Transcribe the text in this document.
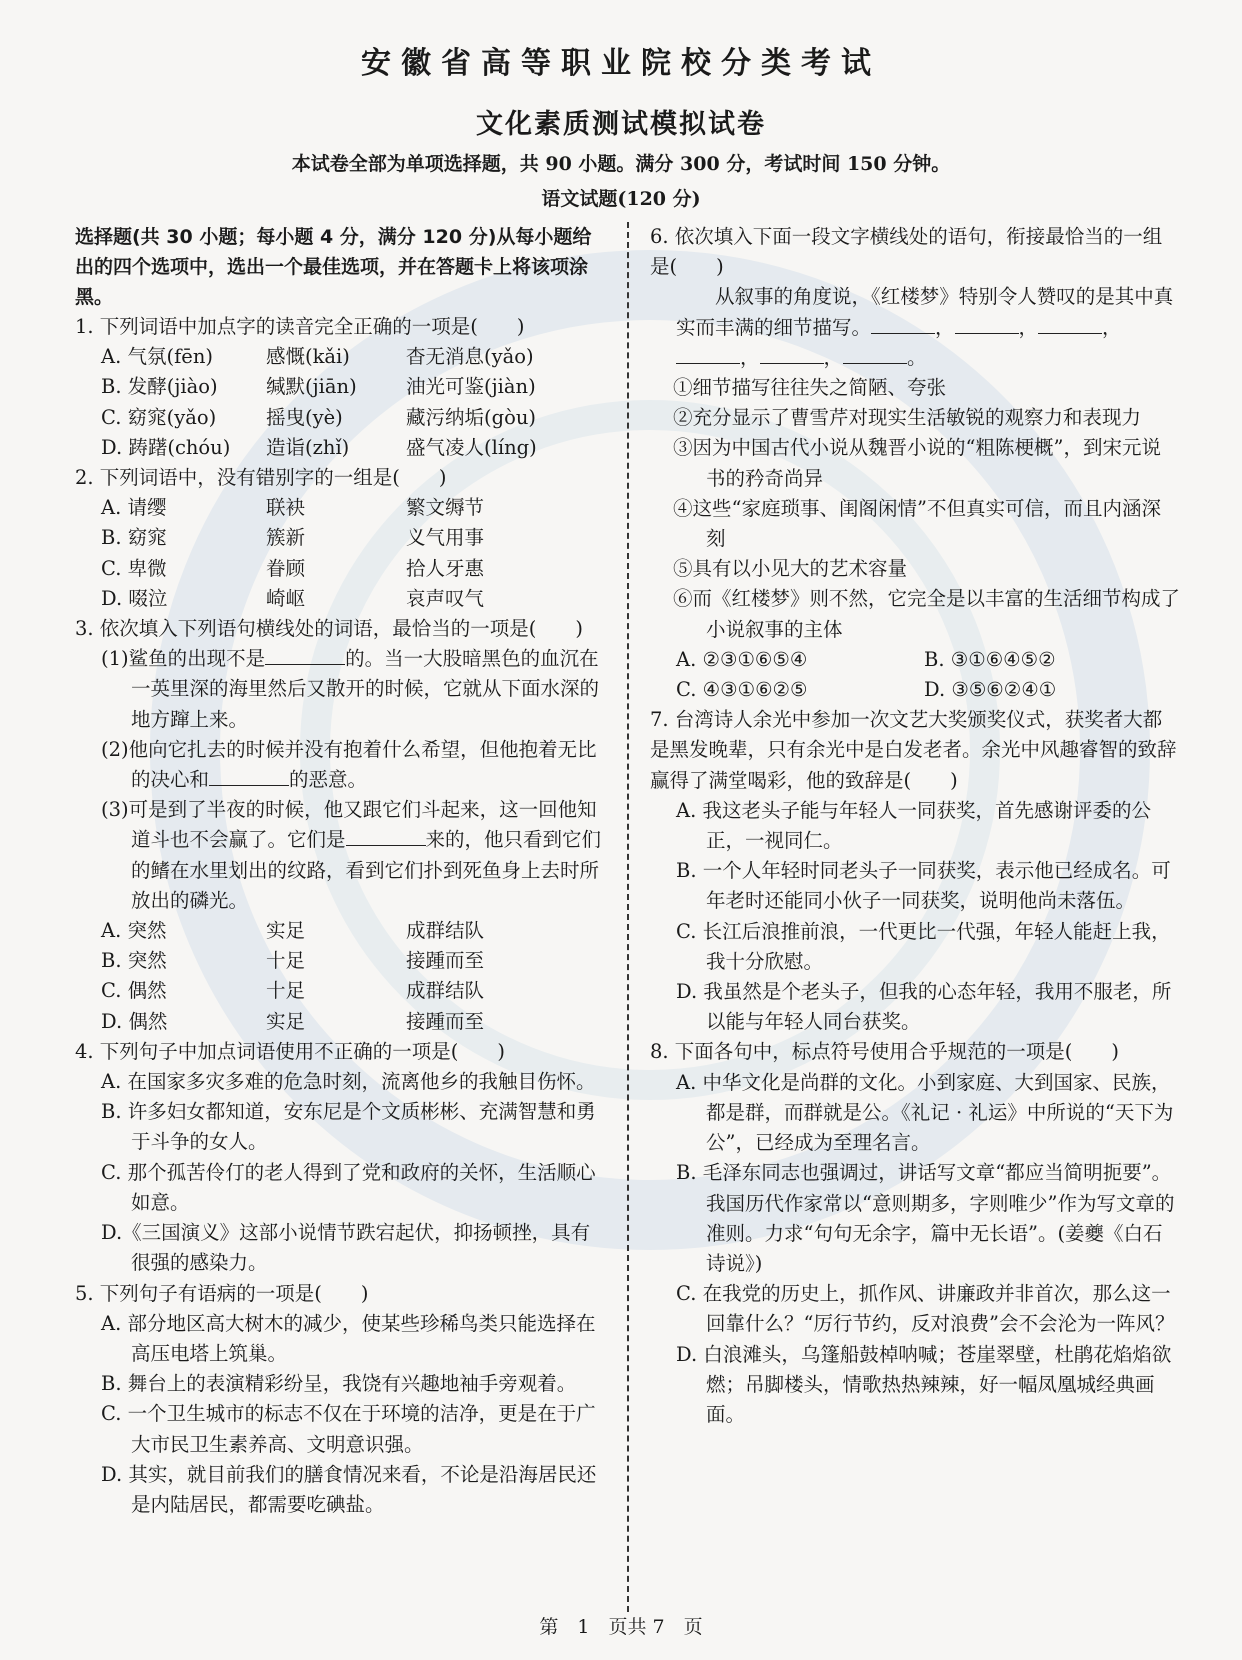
安徽省高等职业院校分类考试
文化素质测试模拟试卷
本试卷全部为单项选择题，共 90 小题。满分 300 分，考试时间 150 分钟。
语文试题(120 分)

选择题(共 30 小题；每小题 4 分，满分 120 分)从每小题给出的四个选项中，选出一个最佳选项，并在答题卡上将该项涂黑。

1. 下列词语中加点字的读音完全正确的一项是(　　)

A. 气氛(fēn)	感慨(kǎi)	杳无消息(yǎo)
B. 发酵(jiào)	缄默(jiān)	油光可鉴(jiàn)
C. 窈窕(yǎo)	摇曳(yè)	藏污纳垢(gòu)
D. 踌躇(chóu)	造诣(zhǐ)	盛气凌人(líng)

2. 下列词语中，没有错别字的一组是(　　)

A. 请缨	联袂	繁文缛节
B. 窈窕	簇新	义气用事
C. 卑微	眷顾	拾人牙惠
D. 啜泣	崎岖	哀声叹气

3. 依次填入下列语句横线处的词语，最恰当的一项是(　　)

(1)鲨鱼的出现不是	的。当一大股暗黑色的血沉在一英里深的海里然后又散开的时候，它就从下面水深的地方蹿上来。

(2)他向它扎去的时候并没有抱着什么希望，但他抱着无比的决心和	的恶意。

(3)可是到了半夜的时候，他又跟它们斗起来，这一回他知道斗也不会赢了。它们是	来的，他只看到它们的鳍在水里划出的纹路，看到它们扑到死鱼身上去时所放出的磷光。

A. 突然	实足	成群结队
B. 突然	十足	接踵而至
C. 偶然	十足	成群结队
D. 偶然	实足	接踵而至

4. 下列句子中加点词语使用不正确的一项是(　　)

A. 在国家多灾多难的危急时刻，流离他乡的我触目伤怀。

B. 许多妇女都知道，安东尼是个文质彬彬、充满智慧和勇于斗争的女人。

C. 那个孤苦伶仃的老人得到了党和政府的关怀，生活顺心如意。

D.《三国演义》这部小说情节跌宕起伏，抑扬顿挫，具有很强的感染力。

5. 下列句子有语病的一项是(　　)

A. 部分地区高大树木的减少，使某些珍稀鸟类只能选择在高压电塔上筑巢。

B. 舞台上的表演精彩纷呈，我饶有兴趣地袖手旁观着。

C. 一个卫生城市的标志不仅在于环境的洁净，更是在于广大市民卫生素养高、文明意识强。

D. 其实，就目前我们的膳食情况来看，不论是沿海居民还是内陆居民，都需要吃碘盐。

6. 依次填入下面一段文字横线处的语句，衔接最恰当的一组是(　　)

从叙事的角度说，《红楼梦》特别令人赞叹的是其中真实而丰满的细节描写。	，	，	，，	，	。

①细节描写往往失之简陋、夸张

②充分显示了曹雪芹对现实生活敏锐的观察力和表现力

③因为中国古代小说从魏晋小说的“粗陈梗概”，到宋元说书的矜奇尚异

④这些“家庭琐事、闺阁闲情”不但真实可信，而且内涵深刻

⑤具有以小见大的艺术容量

⑥而《红楼梦》则不然，它完全是以丰富的生活细节构成了小说叙事的主体

A. ②③①⑥⑤④	B. ③①⑥④⑤②
C. ④③①⑥②⑤	D. ③⑤⑥②④①

7. 台湾诗人余光中参加一次文艺大奖颁奖仪式，获奖者大都是黑发晚辈，只有余光中是白发老者。余光中风趣睿智的致辞赢得了满堂喝彩，他的致辞是(　　)

A. 我这老头子能与年轻人一同获奖，首先感谢评委的公正，一视同仁。

B. 一个人年轻时同老头子一同获奖，表示他已经成名。可年老时还能同小伙子一同获奖，说明他尚未落伍。

C. 长江后浪推前浪，一代更比一代强，年轻人能赶上我，我十分欣慰。

D. 我虽然是个老头子，但我的心态年轻，我用不服老，所以能与年轻人同台获奖。

8. 下面各句中，标点符号使用合乎规范的一项是(　　)

A. 中华文化是尚群的文化。小到家庭、大到国家、民族，都是群，而群就是公。《礼记 · 礼运》中所说的“天下为公”，已经成为至理名言。

B. 毛泽东同志也强调过，讲话写文章“都应当简明扼要”。我国历代作家常以“意则期多，字则唯少”作为写文章的准则。力求“句句无余字，篇中无长语”。(姜夔《白石诗说》)

C. 在我党的历史上，抓作风、讲廉政并非首次，那么这一回靠什么？“厉行节约，反对浪费”会不会沦为一阵风？

D. 白浪滩头，乌篷船鼓棹呐喊；苍崖翠壁，杜鹃花焰焰欲燃；吊脚楼头，情歌热热辣辣，好一幅凤凰城经典画面。

第　1　页共 7　页
